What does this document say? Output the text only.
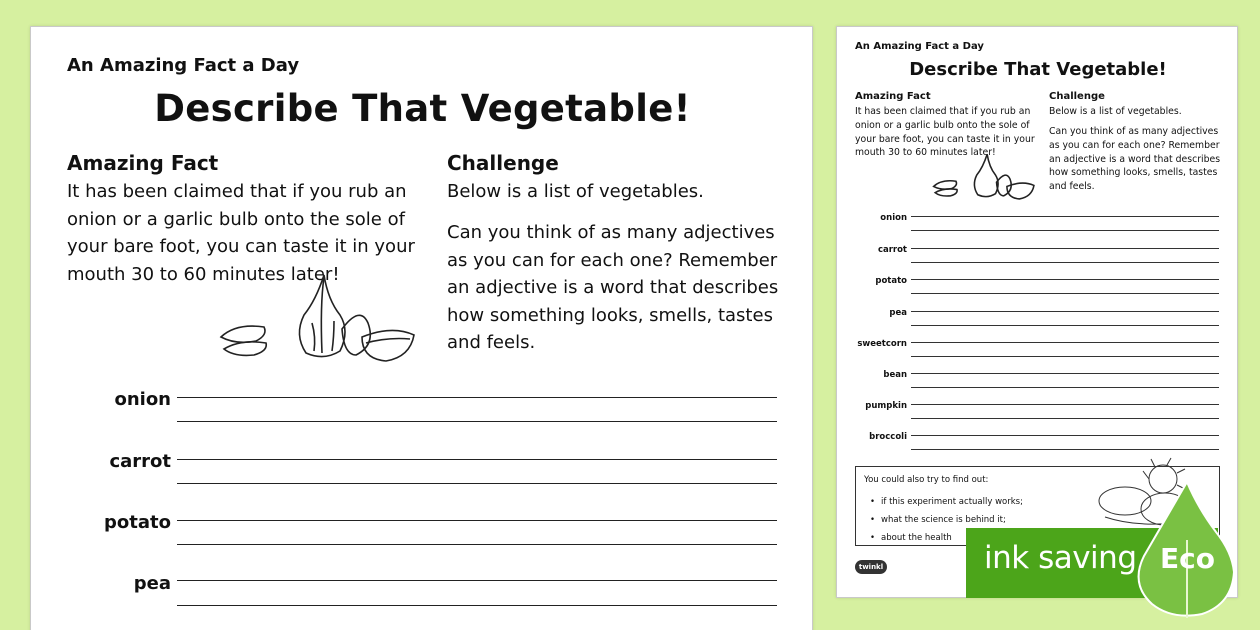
An Amazing Fact a Day
Describe That Vegetable!
Amazing Fact
It has been claimed that if you rub an onion or a garlic bulb onto the sole of your bare foot, you can taste it in your mouth 30 to 60 minutes later!
Challenge
Below is a list of vegetables.
Can you think of as many adjectives as you can for each one? Remember an adjective is a word that describes how something looks, smells, tastes and feels.
onion
carrot
potato
pea
An Amazing Fact a Day
Describe That Vegetable!
Amazing Fact
It has been claimed that if you rub an onion or a garlic bulb onto the sole of your bare foot, you can taste it in your mouth 30 to 60 minutes later!
Challenge
Below is a list of vegetables.
Can you think of as many adjectives as you can for each one? Remember an adjective is a word that describes how something looks, smells, tastes and feels.
onion
carrot
potato
pea
sweetcorn
bean
pumpkin
broccoli
You could also try to find out:
• if this experiment actually works;
• what the science is behind it;
• about the health
twinkl	ink saving Eco
